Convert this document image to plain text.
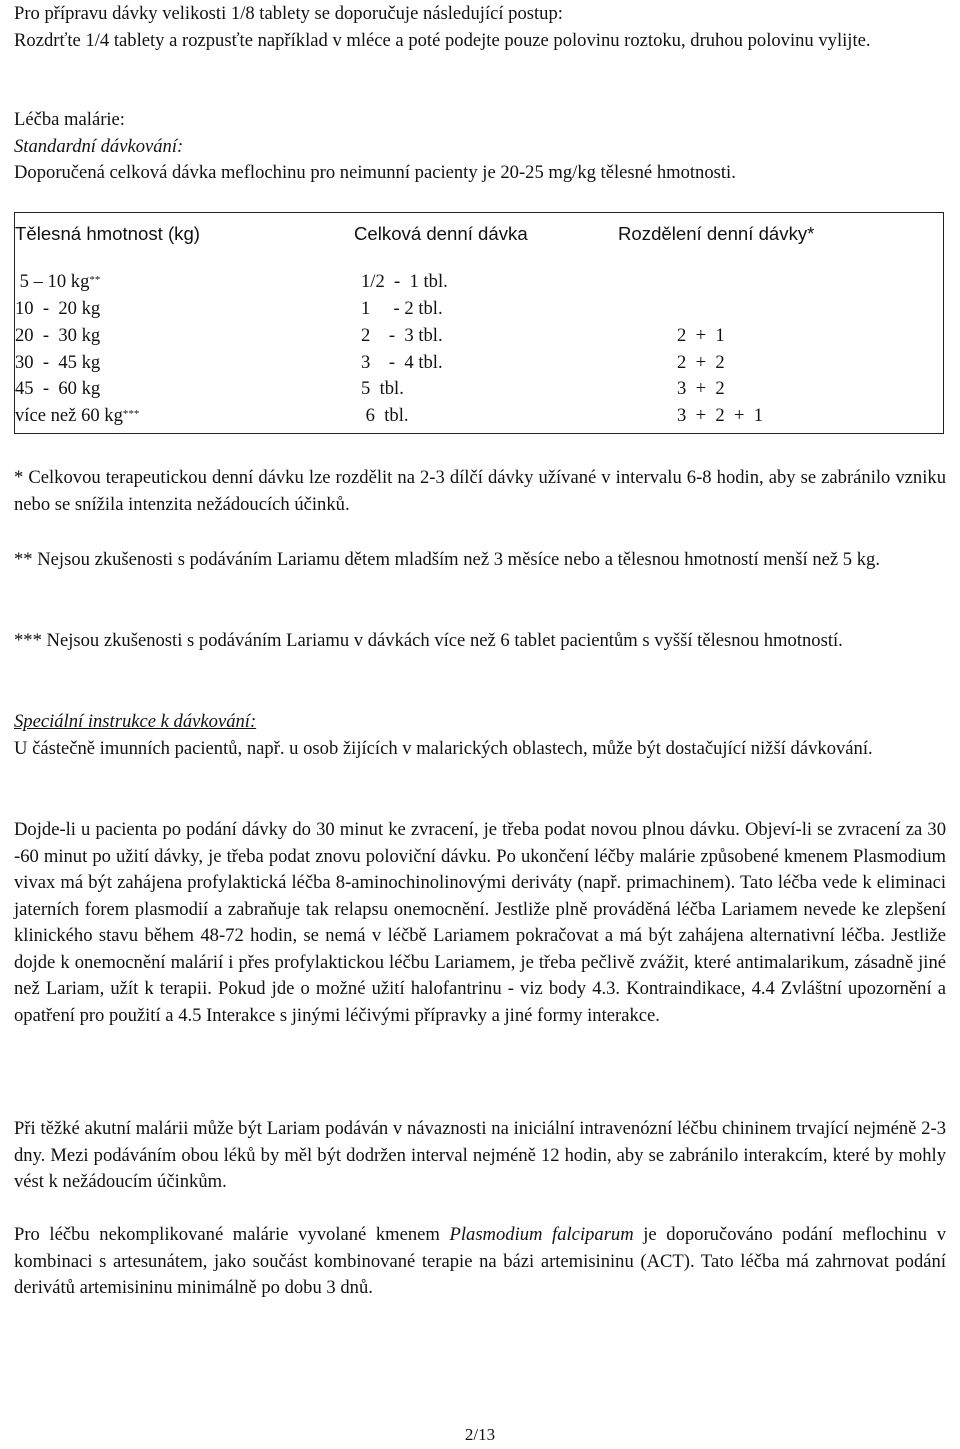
Pro přípravu dávky velikosti 1/8 tablety se doporučuje následující postup:

Rozdrťte 1/4 tablety a rozpusťte například v mléce a poté podejte pouze polovinu roztoku, druhou polovinu vylijte.

Léčba malárie:

Standardní dávkování:

Doporučená celková dávka meflochinu pro neimunní pacienty je 20-25 mg/kg tělesné hmotnosti.

Tělesná hmotnost (kg)	Celková denní dávka	Rozdělení denní dávky*
5 – 10 kg**	1/2  -  1 tbl.
10  -  20 kg	1     - 2 tbl.
20  -  30 kg	2    -  3 tbl.	2  +  1
30  -  45 kg	3    -  4 tbl.	2  +  2
45  -  60 kg	5  tbl.	3  +  2
více než 60 kg***	6  tbl.	3  +  2  +  1

* Celkovou terapeutickou denní dávku lze rozdělit na 2-3 dílčí dávky užívané v intervalu 6-8 hodin, aby se zabránilo vzniku nebo se snížila intenzita nežádoucích účinků.

** Nejsou zkušenosti s podáváním Lariamu dětem mladším než 3 měsíce nebo a tělesnou hmotností menší než 5 kg.

*** Nejsou zkušenosti s podáváním Lariamu v dávkách více než 6 tablet pacientům s vyšší tělesnou hmotností.

Speciální instrukce k dávkování:

U částečně imunních pacientů, např. u osob žijících v malarických oblastech, může být dostačující nižší dávkování.

Dojde-li u pacienta po podání dávky do 30 minut ke zvracení, je třeba podat novou plnou dávku. Objeví-li se zvracení za 30 -60 minut po užití dávky, je třeba podat znovu poloviční dávku. Po ukončení léčby malárie způsobené kmenem Plasmodium vivax má být zahájena profylaktická léčba 8-aminochinolinovými deriváty (např. primachinem). Tato léčba vede k eliminaci jaterních forem plasmodií a zabraňuje tak relapsu onemocnění. Jestliže plně prováděná léčba Lariamem nevede ke zlepšení klinického stavu během 48-72 hodin, se nemá v léčbě Lariamem pokračovat a má být zahájena alternativní léčba. Jestliže dojde k onemocnění malárií i přes profylaktickou léčbu Lariamem, je třeba pečlivě zvážit, které antimalarikum, zásadně jiné než Lariam, užít k terapii. Pokud jde o možné užití halofantrinu - viz body 4.3. Kontraindikace, 4.4 Zvláštní upozornění a opatření pro použití a 4.5 Interakce s jinými léčivými přípravky a jiné formy interakce.

Při těžké akutní malárii může být Lariam podáván v návaznosti na iniciální intravenózní léčbu chininem trvající nejméně 2-3 dny. Mezi podáváním obou léků by měl být dodržen interval nejméně 12 hodin, aby se zabránilo interakcím, které by mohly vést k nežádoucím účinkům.

Pro léčbu nekomplikované malárie vyvolané kmenem Plasmodium falciparum je doporučováno podání meflochinu v kombinaci s artesunátem, jako součást kombinované terapie na bázi artemisininu (ACT). Tato léčba má zahrnovat podání derivátů artemisininu minimálně po dobu 3 dnů.

2/13
